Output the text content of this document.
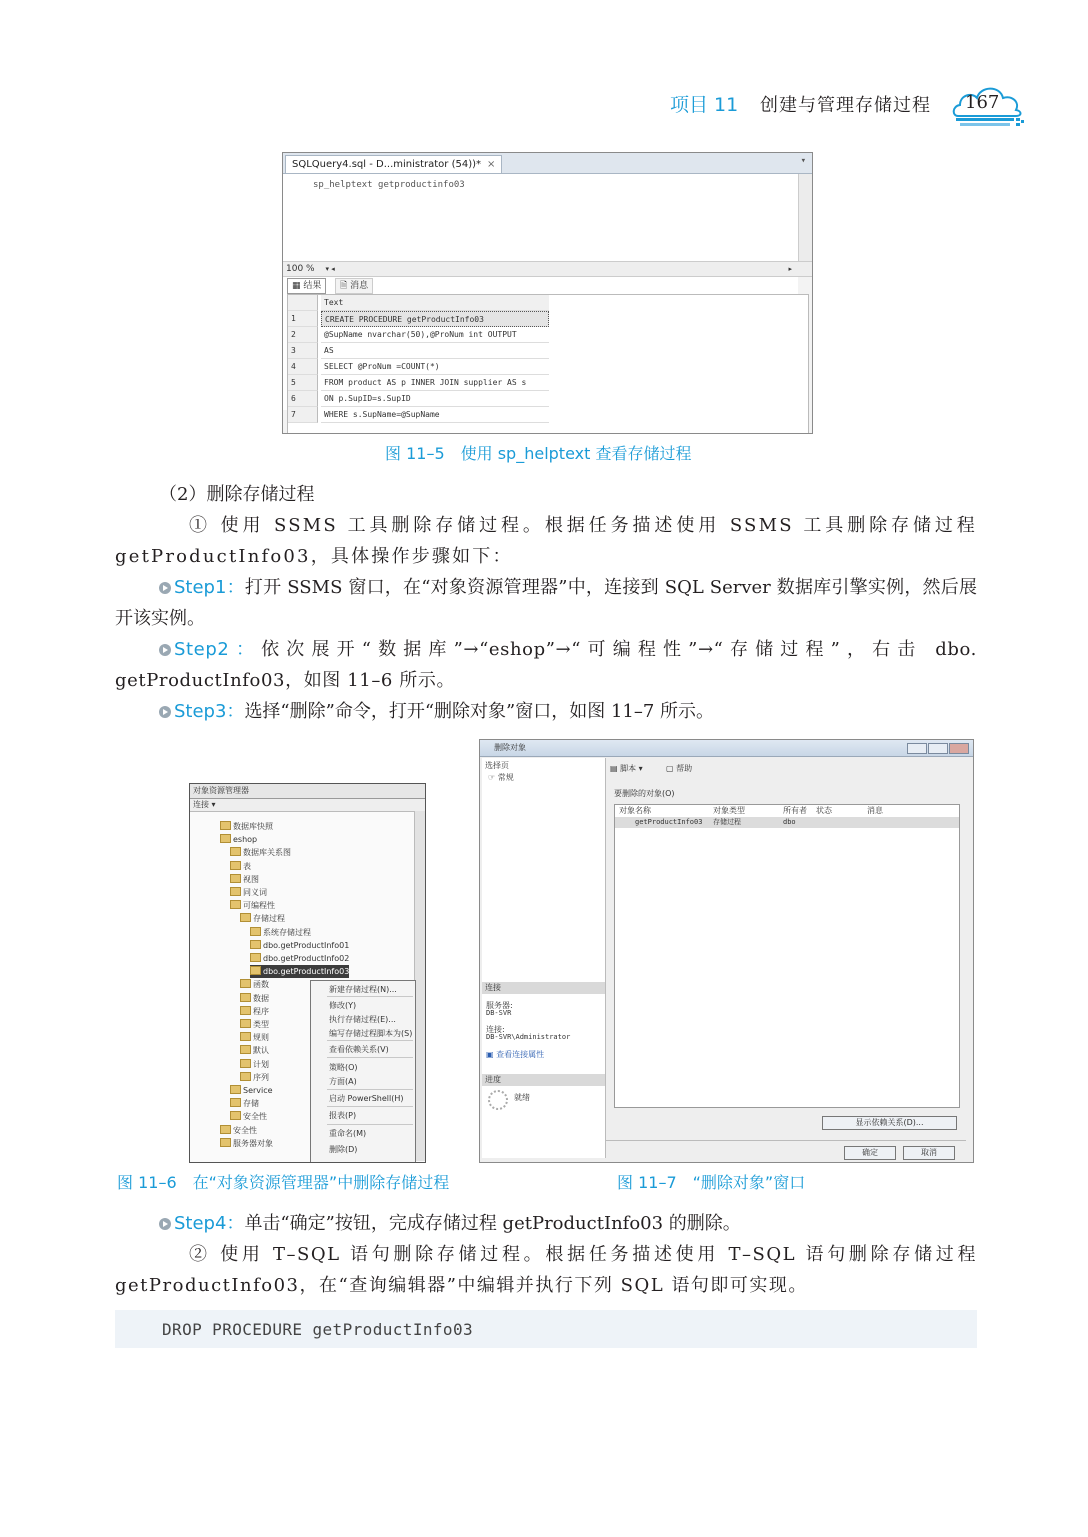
项目 11 创建与管理存储过程 167
SQLQuery4.sql - D...ministrator (54))* ×	▾
sp_helptext getproductinfo03
100 % ▾ ◂	▸
▦ 结果	🗎 消息
Text
1	CREATE PROCEDURE getProductInfo03
2	@SupName nvarchar(50),@ProNum int OUTPUT
3	AS
4	SELECT @ProNum =COUNT(*)
5	FROM product AS p INNER JOIN supplier AS s
6	ON p.SupID=s.SupID
7	WHERE s.SupName=@SupName
图 11–5　使用 sp_helptext 查看存储过程
（2）删除存储过程
① 使用 SSMS 工具删除存储过程。根据任务描述使用 SSMS 工具删除存储过程 getProductInfo03，具体操作步骤如下：
Step1：打开 SSMS 窗口，在“对象资源管理器”中，连接到 SQL Server 数据库引擎实例，然后展开该实例。
Step2：依次展开“数据库”→“eshop”→“可编程性”→“存储过程”，右击 dbo. getProductInfo03，如图 11–6 所示。
Step3：选择“删除”命令，打开“删除对象”窗口，如图 11–7 所示。
对象资源管理器
连接 ▾
数据库快照
eshop
数据库关系图
表
视图
同义词
可编程性
存储过程
系统存储过程
dbo.getProductInfo01
dbo.getProductInfo02
dbo.getProductInfo03
函数
数据
程序
类型
规则
默认
计划
序列
Service
存储
安全性
安全性
服务器对象
新建存储过程(N)...
修改(Y)
执行存储过程(E)...
编写存储过程脚本为(S)
查看依赖关系(V)
策略(O)
方面(A)
启动 PowerShell(H)
报表(P)
重命名(M)
删除(D)
图 11–6　在“对象资源管理器”中删除存储过程
删除对象
选择页
☞ 常规
连接
服务器:
DB-SVR
连接:
DB-SVR\Administrator
▣ 查看连接属性
进度
就绪
▤ 脚本 ▾	▢ 帮助
要删除的对象(O)
对象名称	对象类型	所有者 状态	消息
getProductInfo03 存储过程	dbo
显示依赖关系(D)...
确定	取消
图 11–7　“删除对象”窗口
Step4：单击“确定”按钮，完成存储过程 getProductInfo03 的删除。
② 使用 T–SQL 语句删除存储过程。根据任务描述使用 T–SQL 语句删除存储过程 getProductInfo03，在“查询编辑器”中编辑并执行下列 SQL 语句即可实现。
DROP PROCEDURE getProductInfo03
